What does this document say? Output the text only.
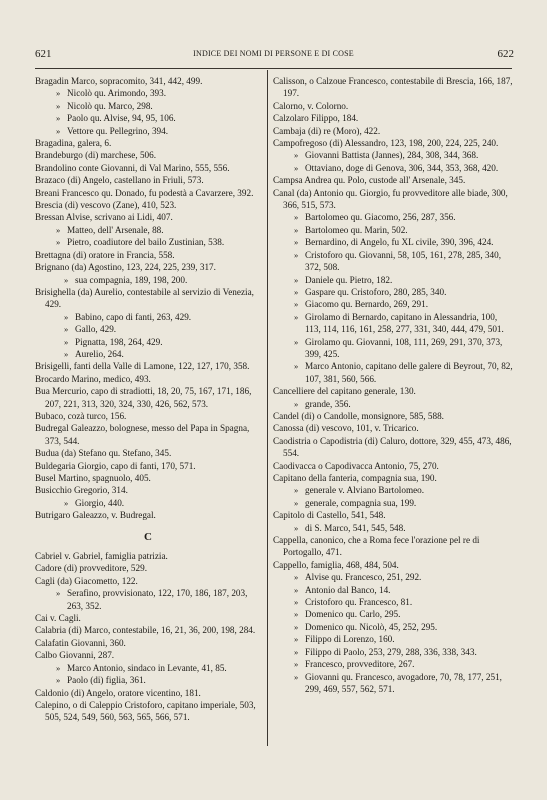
621	INDICE DEI NOMI DI PERSONE E DI COSE	622
Bragadin Marco, sopracomito, 341, 442, 499.
» Nicolò qu. Arimondo, 393.
» Nicolò qu. Marco, 298.
» Paolo qu. Alvise, 94, 95, 106.
» Vettore qu. Pellegrino, 394.
Bragadina, galera, 6.
Brandeburgo (di) marchese, 506.
Brandolino conte Giovanni, di Val Marino, 555, 556.
Brazaco (di) Angelo, castellano in Friuli, 573.
Breani Francesco qu. Donado, fu podestà a Cavarzere, 392.
Brescia (di) vescovo (Zane), 410, 523.
Bressan Alvise, scrivano ai Lidi, 407.
» Matteo, dell' Arsenale, 88.
» Pietro, coadiutore del bailo Zustinian, 538.
Brettagna (di) oratore in Francia, 558.
Brignano (da) Agostino, 123, 224, 225, 239, 317.
» sua compagnia, 189, 198, 200.
Brisighella (da) Aurelio, contestabile al servizio di Venezia, 429.
» Babino, capo di fanti, 263, 429.
» Gallo, 429.
» Pignatta, 198, 264, 429.
» Aurelio, 264.
Brisigelli, fanti della Valle di Lamone, 122, 127, 170, 358.
Brocardo Marino, medico, 493.
Bua Mercurio, capo di stradiotti, 18, 20, 75, 167, 171, 186, 207, 221, 313, 320, 324, 330, 426, 562, 573.
Bubaco, cozà turco, 156.
Budregal Galeazzo, bolognese, messo del Papa in Spagna, 373, 544.
Budua (da) Stefano qu. Stefano, 345.
Buldegaria Giorgio, capo di fanti, 170, 571.
Busel Martino, spagnuolo, 405.
Busicchio Gregorio, 314.
» Giorgio, 440.
Butrigaro Galeazzo, v. Budregal.
C
Cabriel v. Gabriel, famiglia patrizia.
Cadore (di) provveditore, 529.
Cagli (da) Giacometto, 122.
» Serafino, provvisionato, 122, 170, 186, 187, 203, 263, 352.
Cai v. Cagli.
Calabria (di) Marco, contestabile, 16, 21, 36, 200, 198, 284.
Calafatin Giovanni, 360.
Calbo Giovanni, 287.
» Marco Antonio, sindaco in Levante, 41, 85.
» Paolo (di) figlia, 361.
Caldonio (di) Angelo, oratore vicentino, 181.
Calepino, o di Caleppio Cristoforo, capitano imperiale, 503, 505, 524, 549, 560, 563, 565, 566, 571.
Calisson, o Calzoue Francesco, contestabile di Brescia, 166, 187, 197.
Calorno, v. Colorno.
Calzolaro Filippo, 184.
Cambaja (di) re (Moro), 422.
Campofregoso (di) Alessandro, 123, 198, 200, 224, 225, 240.
» Giovanni Battista (Jannes), 284, 308, 344, 368.
» Ottaviano, doge di Genova, 306, 344, 353, 368, 420.
Campsa Andrea qu. Polo, custode all' Arsenale, 345.
Canal (da) Antonio qu. Giorgio, fu provveditore alle biade, 300, 366, 515, 573.
» Bartolomeo qu. Giacomo, 256, 287, 356.
» Bartolomeo qu. Marin, 502.
» Bernardino, di Angelo, fu XL civile, 390, 396, 424.
» Cristoforo qu. Giovanni, 58, 105, 161, 278, 285, 340, 372, 508.
» Daniele qu. Pietro, 182.
» Gaspare qu. Cristoforo, 280, 285, 340.
» Giacomo qu. Bernardo, 269, 291.
» Girolamo di Bernardo, capitano in Alessandria, 100, 113, 114, 116, 161, 258, 277, 331, 340, 444, 479, 501.
» Girolamo qu. Giovanni, 108, 111, 269, 291, 370, 373, 399, 425.
» Marco Antonio, capitano delle galere di Beyrout, 70, 82, 107, 381, 560, 566.
Cancelliere del capitano generale, 130.
» grande, 356.
Candel (di) o Candolle, monsignore, 585, 588.
Canossa (di) vescovo, 101, v. Tricarico.
Caodistria o Capodistria (di) Caluro, dottore, 329, 455, 473, 486, 554.
Caodivacca o Capodivacca Antonio, 75, 270.
Capitano della fanteria, compagnia sua, 190.
» generale v. Alviano Bartolomeo.
» generale, compagnia sua, 199.
Capitolo di Castello, 541, 548.
» di S. Marco, 541, 545, 548.
Cappella, canonico, che a Roma fece l'orazione pel re di Portogallo, 471.
Cappello, famiglia, 468, 484, 504.
» Alvise qu. Francesco, 251, 292.
» Antonio dal Banco, 14.
» Cristoforo qu. Francesco, 81.
» Domenico qu. Carlo, 295.
» Domenico qu. Nicolò, 45, 252, 295.
» Filippo di Lorenzo, 160.
» Filippo di Paolo, 253, 279, 288, 336, 338, 343.
» Francesco, provveditore, 267.
» Giovanni qu. Francesco, avogadore, 70, 78, 177, 251, 299, 469, 557, 562, 571.
